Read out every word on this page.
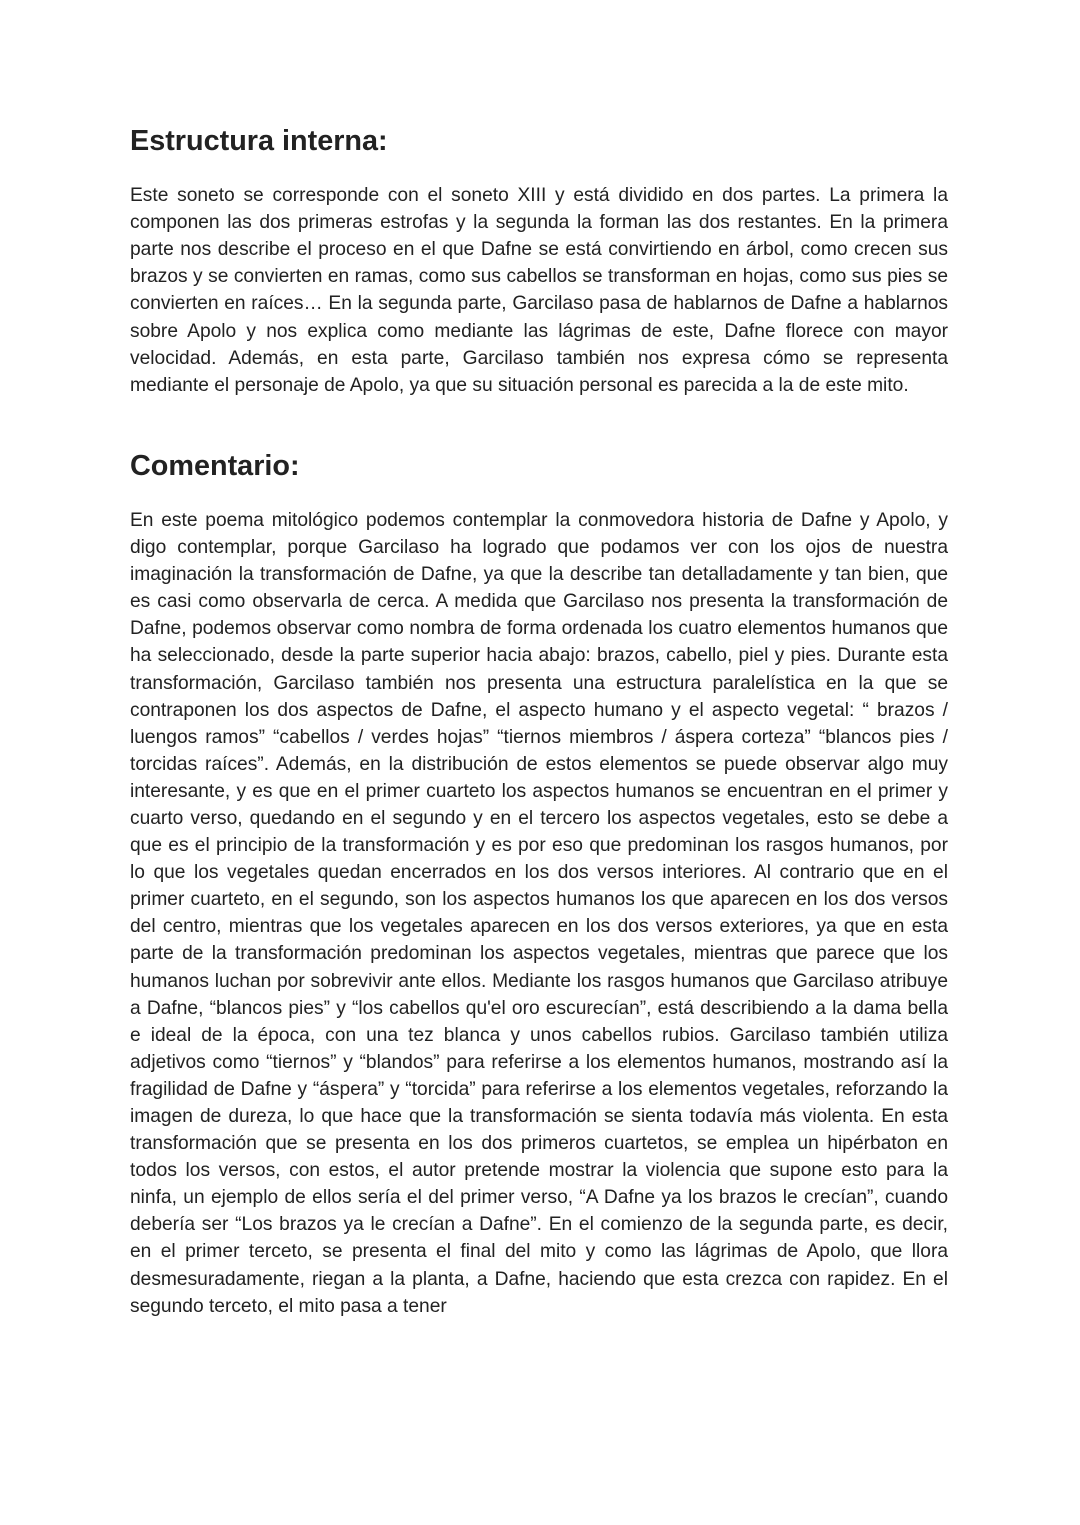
Estructura interna:

Este soneto se corresponde con el soneto XIII y está dividido en dos partes. La primera la componen las dos primeras estrofas y la segunda la forman las dos restantes. En la primera parte nos describe el proceso en el que Dafne se está convirtiendo en árbol, como crecen sus brazos y se convierten en ramas, como sus cabellos se transforman en hojas, como sus pies se convierten en raíces… En la segunda parte, Garcilaso pasa de hablarnos de Dafne a hablarnos sobre Apolo y nos explica como mediante las lágrimas de este, Dafne florece con mayor velocidad. Además, en esta parte, Garcilaso también nos expresa cómo se representa mediante el personaje de Apolo, ya que su situación personal es parecida a la de este mito.

Comentario:

En este poema mitológico podemos contemplar la conmovedora historia de Dafne y Apolo, y digo contemplar, porque Garcilaso ha logrado que podamos ver con los ojos de nuestra imaginación la transformación de Dafne, ya que la describe tan detalladamente y tan bien, que es casi como observarla de cerca. A medida que Garcilaso nos presenta la transformación de Dafne, podemos observar como nombra de forma ordenada los cuatro elementos humanos que ha seleccionado, desde la parte superior hacia abajo: brazos, cabello, piel y pies. Durante esta transformación, Garcilaso también nos presenta una estructura paralelística en la que se contraponen los dos aspectos de Dafne, el aspecto humano y el aspecto vegetal: “ brazos / luengos ramos” “cabellos / verdes hojas” “tiernos miembros / áspera corteza” “blancos pies / torcidas raíces”. Además, en la distribución de estos elementos se puede observar algo muy interesante, y es que en el primer cuarteto los aspectos humanos se encuentran en el primer y cuarto verso, quedando en el segundo y en el tercero los aspectos vegetales, esto se debe a que es el principio de la transformación y es por eso que predominan los rasgos humanos, por lo que los vegetales quedan encerrados en los dos versos interiores. Al contrario que en el primer cuarteto, en el segundo, son los aspectos humanos los que aparecen en los dos versos del centro, mientras que los vegetales aparecen en los dos versos exteriores, ya que en esta parte de la transformación predominan los aspectos vegetales, mientras que parece que los humanos luchan por sobrevivir ante ellos. Mediante los rasgos humanos que Garcilaso atribuye a Dafne, “blancos pies” y “los cabellos qu'el oro escurecían”, está describiendo a la dama bella e ideal de la época, con una tez blanca y unos cabellos rubios. Garcilaso también utiliza adjetivos como “tiernos” y “blandos” para referirse a los elementos humanos, mostrando así la fragilidad de Dafne y “áspera” y “torcida” para referirse a los elementos vegetales, reforzando la imagen de dureza, lo que hace que la transformación se sienta todavía más violenta. En esta transformación que se presenta en los dos primeros cuartetos, se emplea un hipérbaton en todos los versos, con estos, el autor pretende mostrar la violencia que supone esto para la ninfa, un ejemplo de ellos sería el del primer verso, “A Dafne ya los brazos le crecían”, cuando debería ser “Los brazos ya le crecían a Dafne”. En el comienzo de la segunda parte, es decir, en el primer terceto, se presenta el final del mito y como las lágrimas de Apolo, que llora desmesuradamente, riegan a la planta, a Dafne, haciendo que esta crezca con rapidez. En el segundo terceto, el mito pasa a tener
